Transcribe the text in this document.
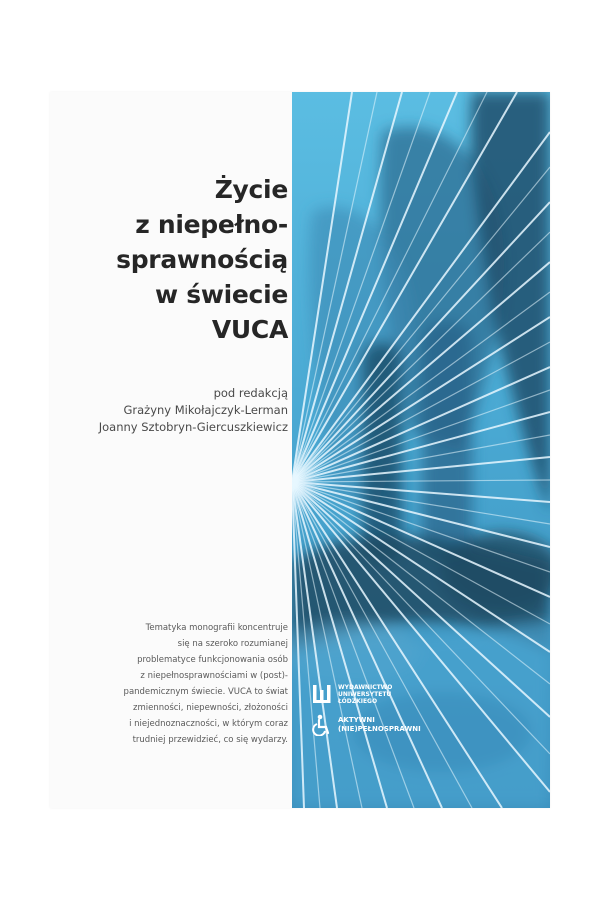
Życie
z niepełno-
sprawnością
w świecie
VUCA
pod redakcją
Grażyny Mikołajczyk-Lerman
Joanny Sztobryn-Giercuszkiewicz
Tematyka monografii koncentruje
się na szeroko rozumianej
problematyce funkcjonowania osób
z niepełnosprawnościami w (post)-
pandemicznym świecie. VUCA to świat
zmienności, niepewności, złożoności
i niejednoznaczności, w którym coraz
trudniej przewidzieć, co się wydarzy.
WYDAWNICTWO
UNIWERSYTETU
ŁÓDZKIEGO
AKTYWNI
(NIE)PEŁNOSPRAWNI
